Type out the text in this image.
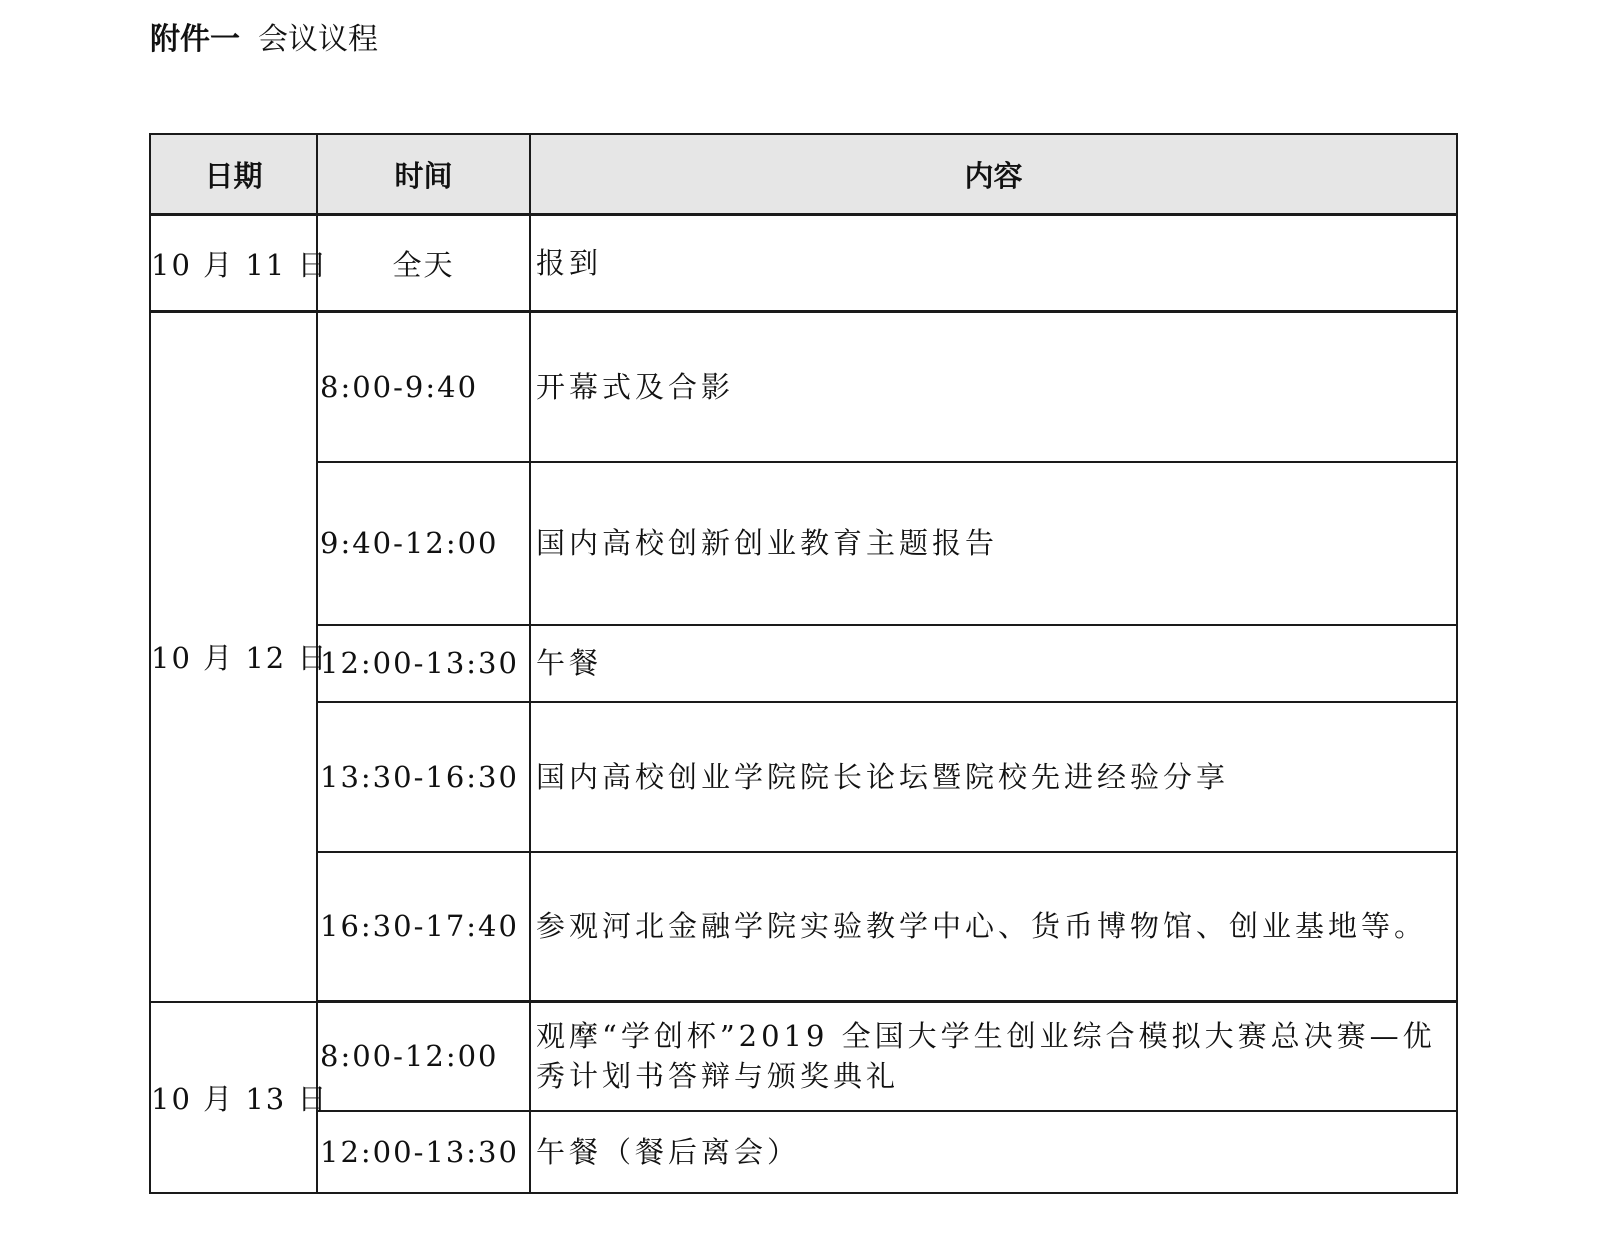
附件一 会议议程
日期	时间	内容
10 月 11 日	全天	报到
10 月 12 日	8:00-9:40	开幕式及合影
	9:40-12:00	国内高校创新创业教育主题报告
	12:00-13:30	午餐
	13:30-16:30	国内高校创业学院院长论坛暨院校先进经验分享
	16:30-17:40	参观河北金融学院实验教学中心、货币博物馆、创业基地等。
10 月 13 日	8:00-12:00	观摩“学创杯”2019 全国大学生创业综合模拟大赛总决赛—优秀计划书答辩与颁奖典礼
	12:00-13:30	午餐（餐后离会）
